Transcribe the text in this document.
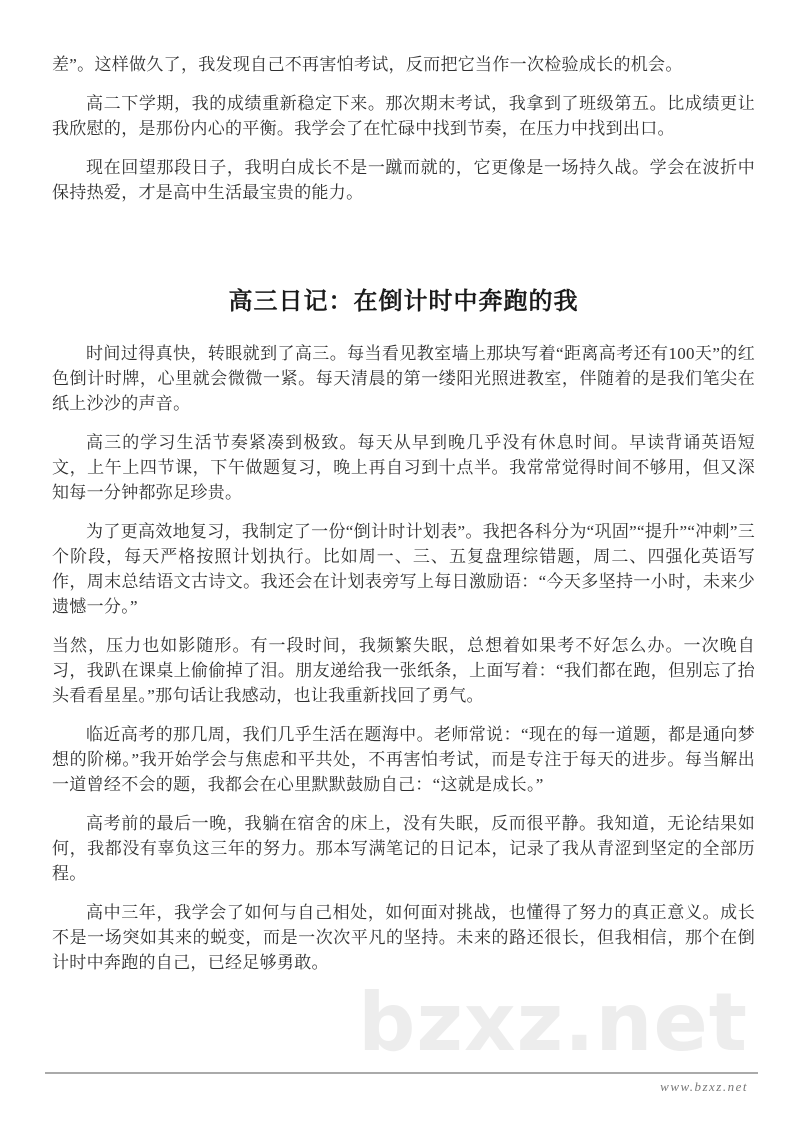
差”。这样做久了，我发现自己不再害怕考试，反而把它当作一次检验成长的机会。

高二下学期，我的成绩重新稳定下来。那次期末考试，我拿到了班级第五。比成绩更让我欣慰的，是那份内心的平衡。我学会了在忙碌中找到节奏，在压力中找到出口。

现在回望那段日子，我明白成长不是一蹴而就的，它更像是一场持久战。学会在波折中保持热爱，才是高中生活最宝贵的能力。

高三日记：在倒计时中奔跑的我

时间过得真快，转眼就到了高三。每当看见教室墙上那块写着“距离高考还有100天”的红色倒计时牌，心里就会微微一紧。每天清晨的第一缕阳光照进教室，伴随着的是我们笔尖在纸上沙沙的声音。

高三的学习生活节奏紧凑到极致。每天从早到晚几乎没有休息时间。早读背诵英语短文，上午上四节课，下午做题复习，晚上再自习到十点半。我常常觉得时间不够用，但又深知每一分钟都弥足珍贵。

为了更高效地复习，我制定了一份“倒计时计划表”。我把各科分为“巩固”“提升”“冲刺”三个阶段，每天严格按照计划执行。比如周一、三、五复盘理综错题，周二、四强化英语写作，周末总结语文古诗文。我还会在计划表旁写上每日激励语：“今天多坚持一小时，未来少遗憾一分。”

当然，压力也如影随形。有一段时间，我频繁失眠，总想着如果考不好怎么办。一次晚自习，我趴在课桌上偷偷掉了泪。朋友递给我一张纸条，上面写着：“我们都在跑，但别忘了抬头看看星星。”那句话让我感动，也让我重新找回了勇气。

临近高考的那几周，我们几乎生活在题海中。老师常说：“现在的每一道题，都是通向梦想的阶梯。”我开始学会与焦虑和平共处，不再害怕考试，而是专注于每天的进步。每当解出一道曾经不会的题，我都会在心里默默鼓励自己：“这就是成长。”

高考前的最后一晚，我躺在宿舍的床上，没有失眠，反而很平静。我知道，无论结果如何，我都没有辜负这三年的努力。那本写满笔记的日记本，记录了我从青涩到坚定的全部历程。

高中三年，我学会了如何与自己相处，如何面对挑战，也懂得了努力的真正意义。成长不是一场突如其来的蜕变，而是一次次平凡的坚持。未来的路还很长，但我相信，那个在倒计时中奔跑的自己，已经足够勇敢。

bzxz.net
www.bzxz.net
